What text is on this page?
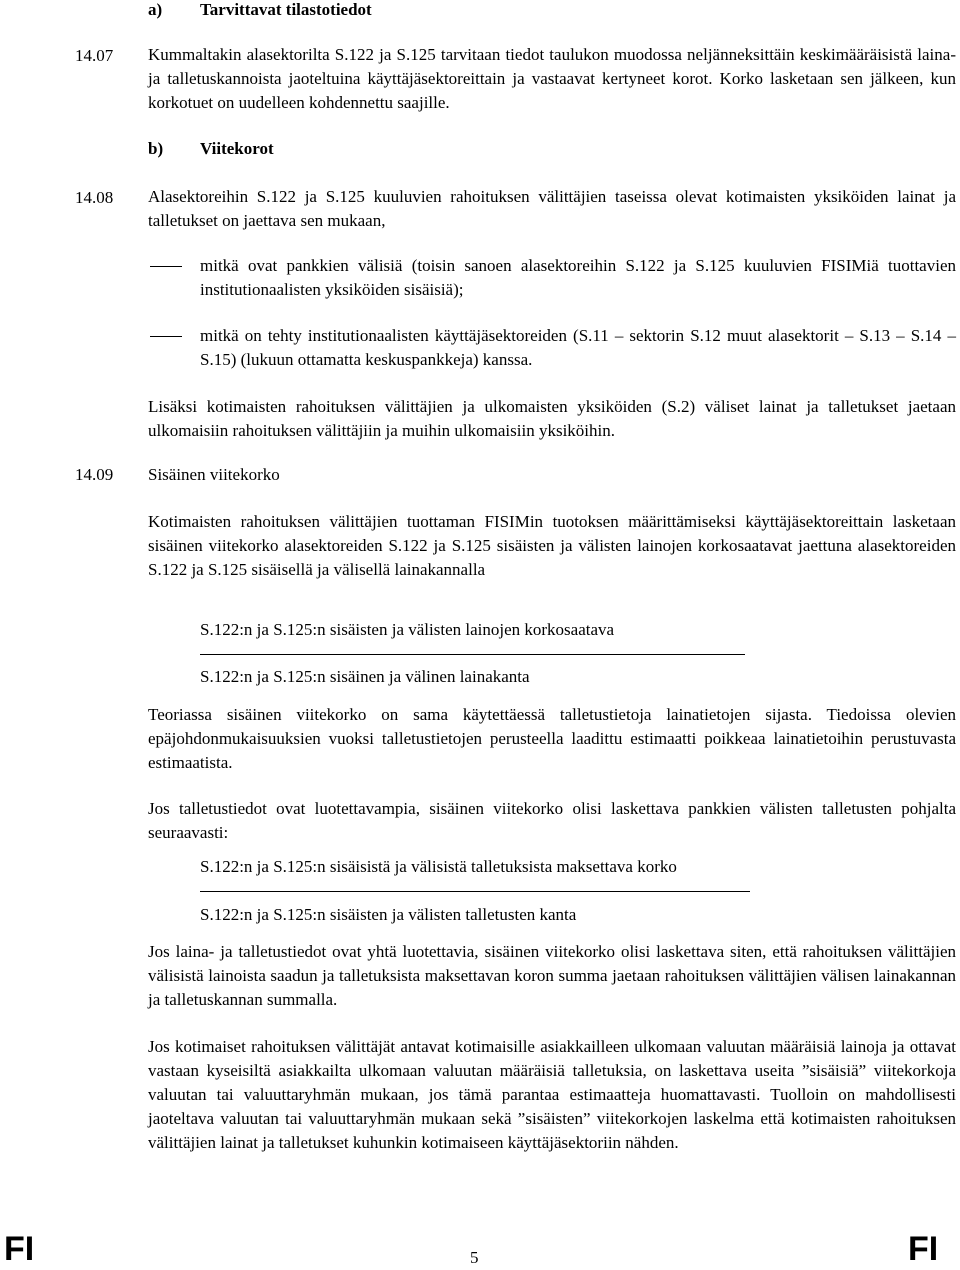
a) Tarvittavat tilastotiedot
14.07 Kummaltakin alasektorilta S.122 ja S.125 tarvitaan tiedot taulukon muodossa neljänneksittäin keskimääräisistä laina- ja talletuskannoista jaoteltuina käyttäjäsektoreittain ja vastaavat kertyneet korot. Korko lasketaan sen jälkeen, kun korkotuet on uudelleen kohdennettu saajille.
b) Viitekorot
14.08 Alasektoreihin S.122 ja S.125 kuuluvien rahoituksen välittäjien taseissa olevat kotimaisten yksiköiden lainat ja talletukset on jaettava sen mukaan,
mitkä ovat pankkien välisiä (toisin sanoen alasektoreihin S.122 ja S.125 kuuluvien FISIMiä tuottavien institutionaalisten yksiköiden sisäisiä);
mitkä on tehty institutionaalisten käyttäjäsektoreiden (S.11 – sektorin S.12 muut alasektorit – S.13 – S.14 – S.15) (lukuun ottamatta keskuspankkeja) kanssa.
Lisäksi kotimaisten rahoituksen välittäjien ja ulkomaisten yksiköiden (S.2) väliset lainat ja talletukset jaetaan ulkomaisiin rahoituksen välittäjiin ja muihin ulkomaisiin yksiköihin.
14.09 Sisäinen viitekorko
Kotimaisten rahoituksen välittäjien tuottaman FISIMin tuotoksen määrittämiseksi käyttäjäsektoreittain lasketaan sisäinen viitekorko alasektoreiden S.122 ja S.125 sisäisten ja välisten lainojen korkosaatavat jaettuna alasektoreiden S.122 ja S.125 sisäisellä ja välisellä lainakannalla
S.122:n ja S.125:n sisäisten ja välisten lainojen korkosaatava
S.122:n ja S.125:n sisäinen ja välinen lainakanta
Teoriassa sisäinen viitekorko on sama käytettäessä talletustietoja lainatietojen sijasta. Tiedoissa olevien epäjohdonmukaisuuksien vuoksi talletustietojen perusteella laadittu estimaatti poikkeaa lainatietoihin perustuvasta estimaatista.
Jos talletustiedot ovat luotettavampia, sisäinen viitekorko olisi laskettava pankkien välisten talletusten pohjalta seuraavasti:
S.122:n ja S.125:n sisäisistä ja välisistä talletuksista maksettava korko
S.122:n ja S.125:n sisäisten ja välisten talletusten kanta
Jos laina- ja talletustiedot ovat yhtä luotettavia, sisäinen viitekorko olisi laskettava siten, että rahoituksen välittäjien välisistä lainoista saadun ja talletuksista maksettavan koron summa jaetaan rahoituksen välittäjien välisen lainakannan ja talletuskannan summalla.
Jos kotimaiset rahoituksen välittäjät antavat kotimaisille asiakkailleen ulkomaan valuutan määräisiä lainoja ja ottavat vastaan kyseisiltä asiakkailta ulkomaan valuutan määräisiä talletuksia, on laskettava useita ”sisäisiä” viitekorkoja valuutan tai valuuttaryhmän mukaan, jos tämä parantaa estimaatteja huomattavasti. Tuolloin on mahdollisesti jaoteltava valuutan tai valuuttaryhmän mukaan sekä ”sisäisten” viitekorkojen laskelma että kotimaisten rahoituksen välittäjien lainat ja talletukset kuhunkin kotimaiseen käyttäjäsektoriin nähden.
FI	5	FI
